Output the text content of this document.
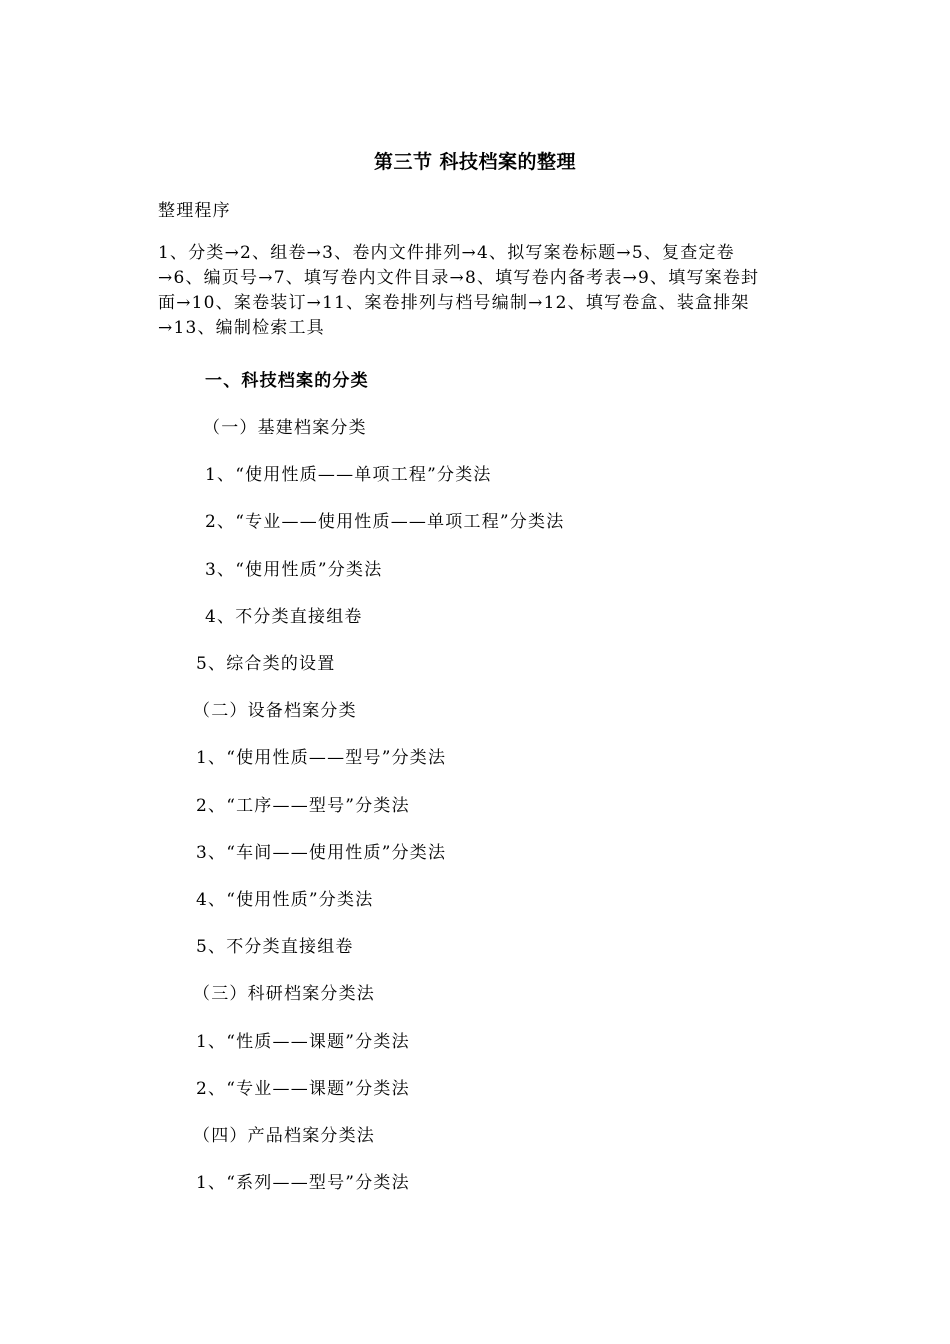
第三节 科技档案的整理
整理程序
1、分类→2、组卷→3、卷内文件排列→4、拟写案卷标题→5、复查定卷
→6、编页号→7、填写卷内文件目录→8、填写卷内备考表→9、填写案卷封
面→10、案卷装订→11、案卷排列与档号编制→12、填写卷盒、装盒排架
→13、编制检索工具
一、科技档案的分类
（一）基建档案分类
1、“使用性质——单项工程”分类法
2、“专业——使用性质——单项工程”分类法
3、“使用性质”分类法
4、不分类直接组卷
5、综合类的设置
（二）设备档案分类
1、“使用性质——型号”分类法
2、“工序——型号”分类法
3、“车间——使用性质”分类法
4、“使用性质”分类法
5、不分类直接组卷
（三）科研档案分类法
1、“性质——课题”分类法
2、“专业——课题”分类法
（四）产品档案分类法
1、“系列——型号”分类法
